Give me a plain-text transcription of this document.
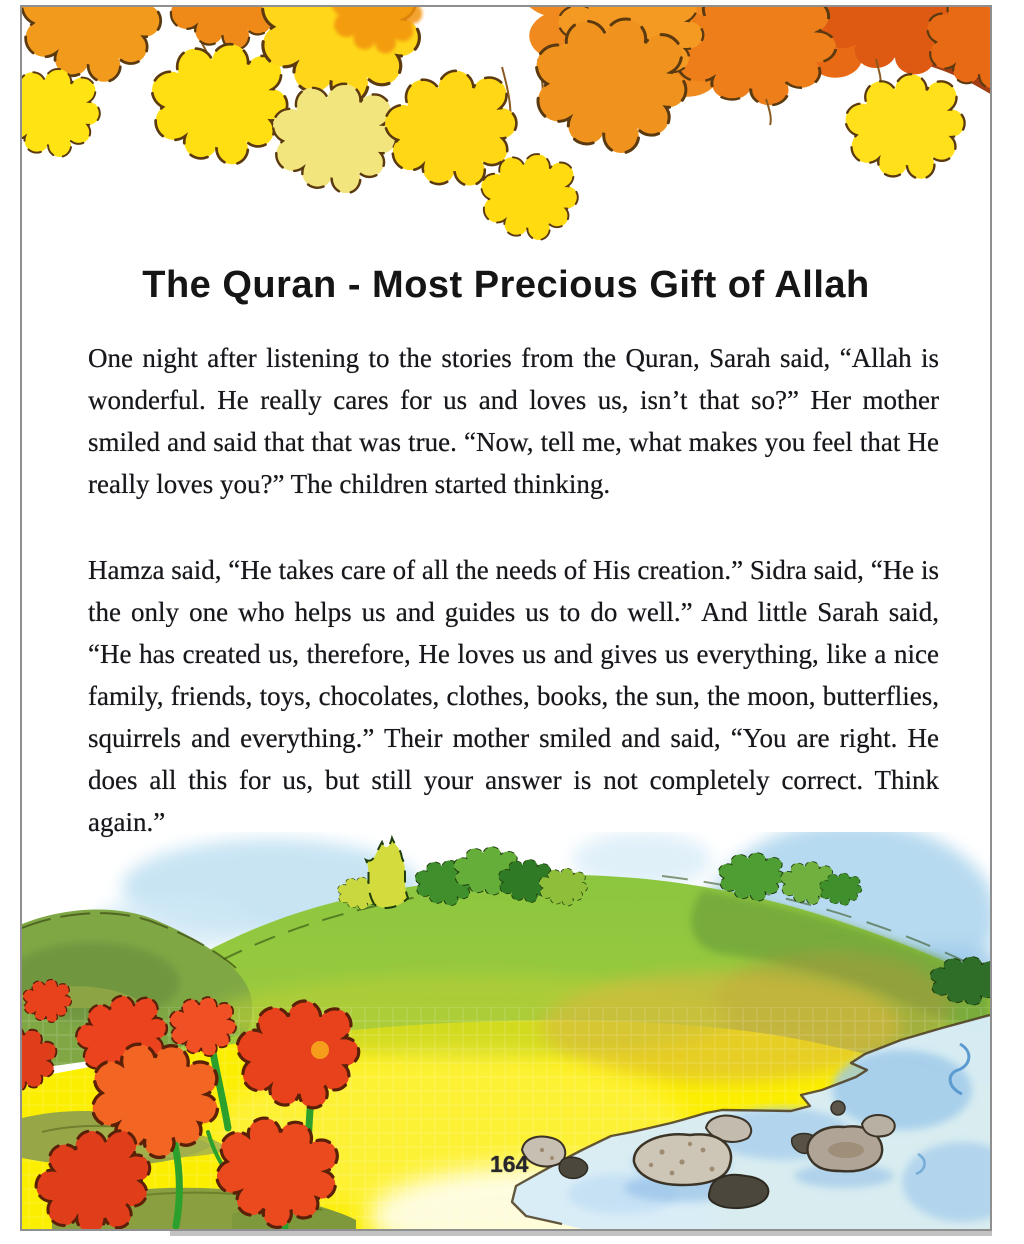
The Quran - Most Precious Gift of Allah

One night after listening to the stories from the Quran, Sarah said, “Allah is wonderful. He really cares for us and loves us, isn’t that so?” Her mother smiled and said that that was true. “Now, tell me, what makes you feel that He really loves you?” The children started thinking.

Hamza said, “He takes care of all the needs of His creation.” Sidra said, “He is the only one who helps us and guides us to do well.” And little Sarah said, “He has created us, therefore, He loves us and gives us everything, like a nice family, friends, toys, chocolates, clothes, books, the sun, the moon, butterflies, squirrels and everything.” Their mother smiled and said, “You are right. He does all this for us, but still your answer is not completely correct. Think again.”

164
